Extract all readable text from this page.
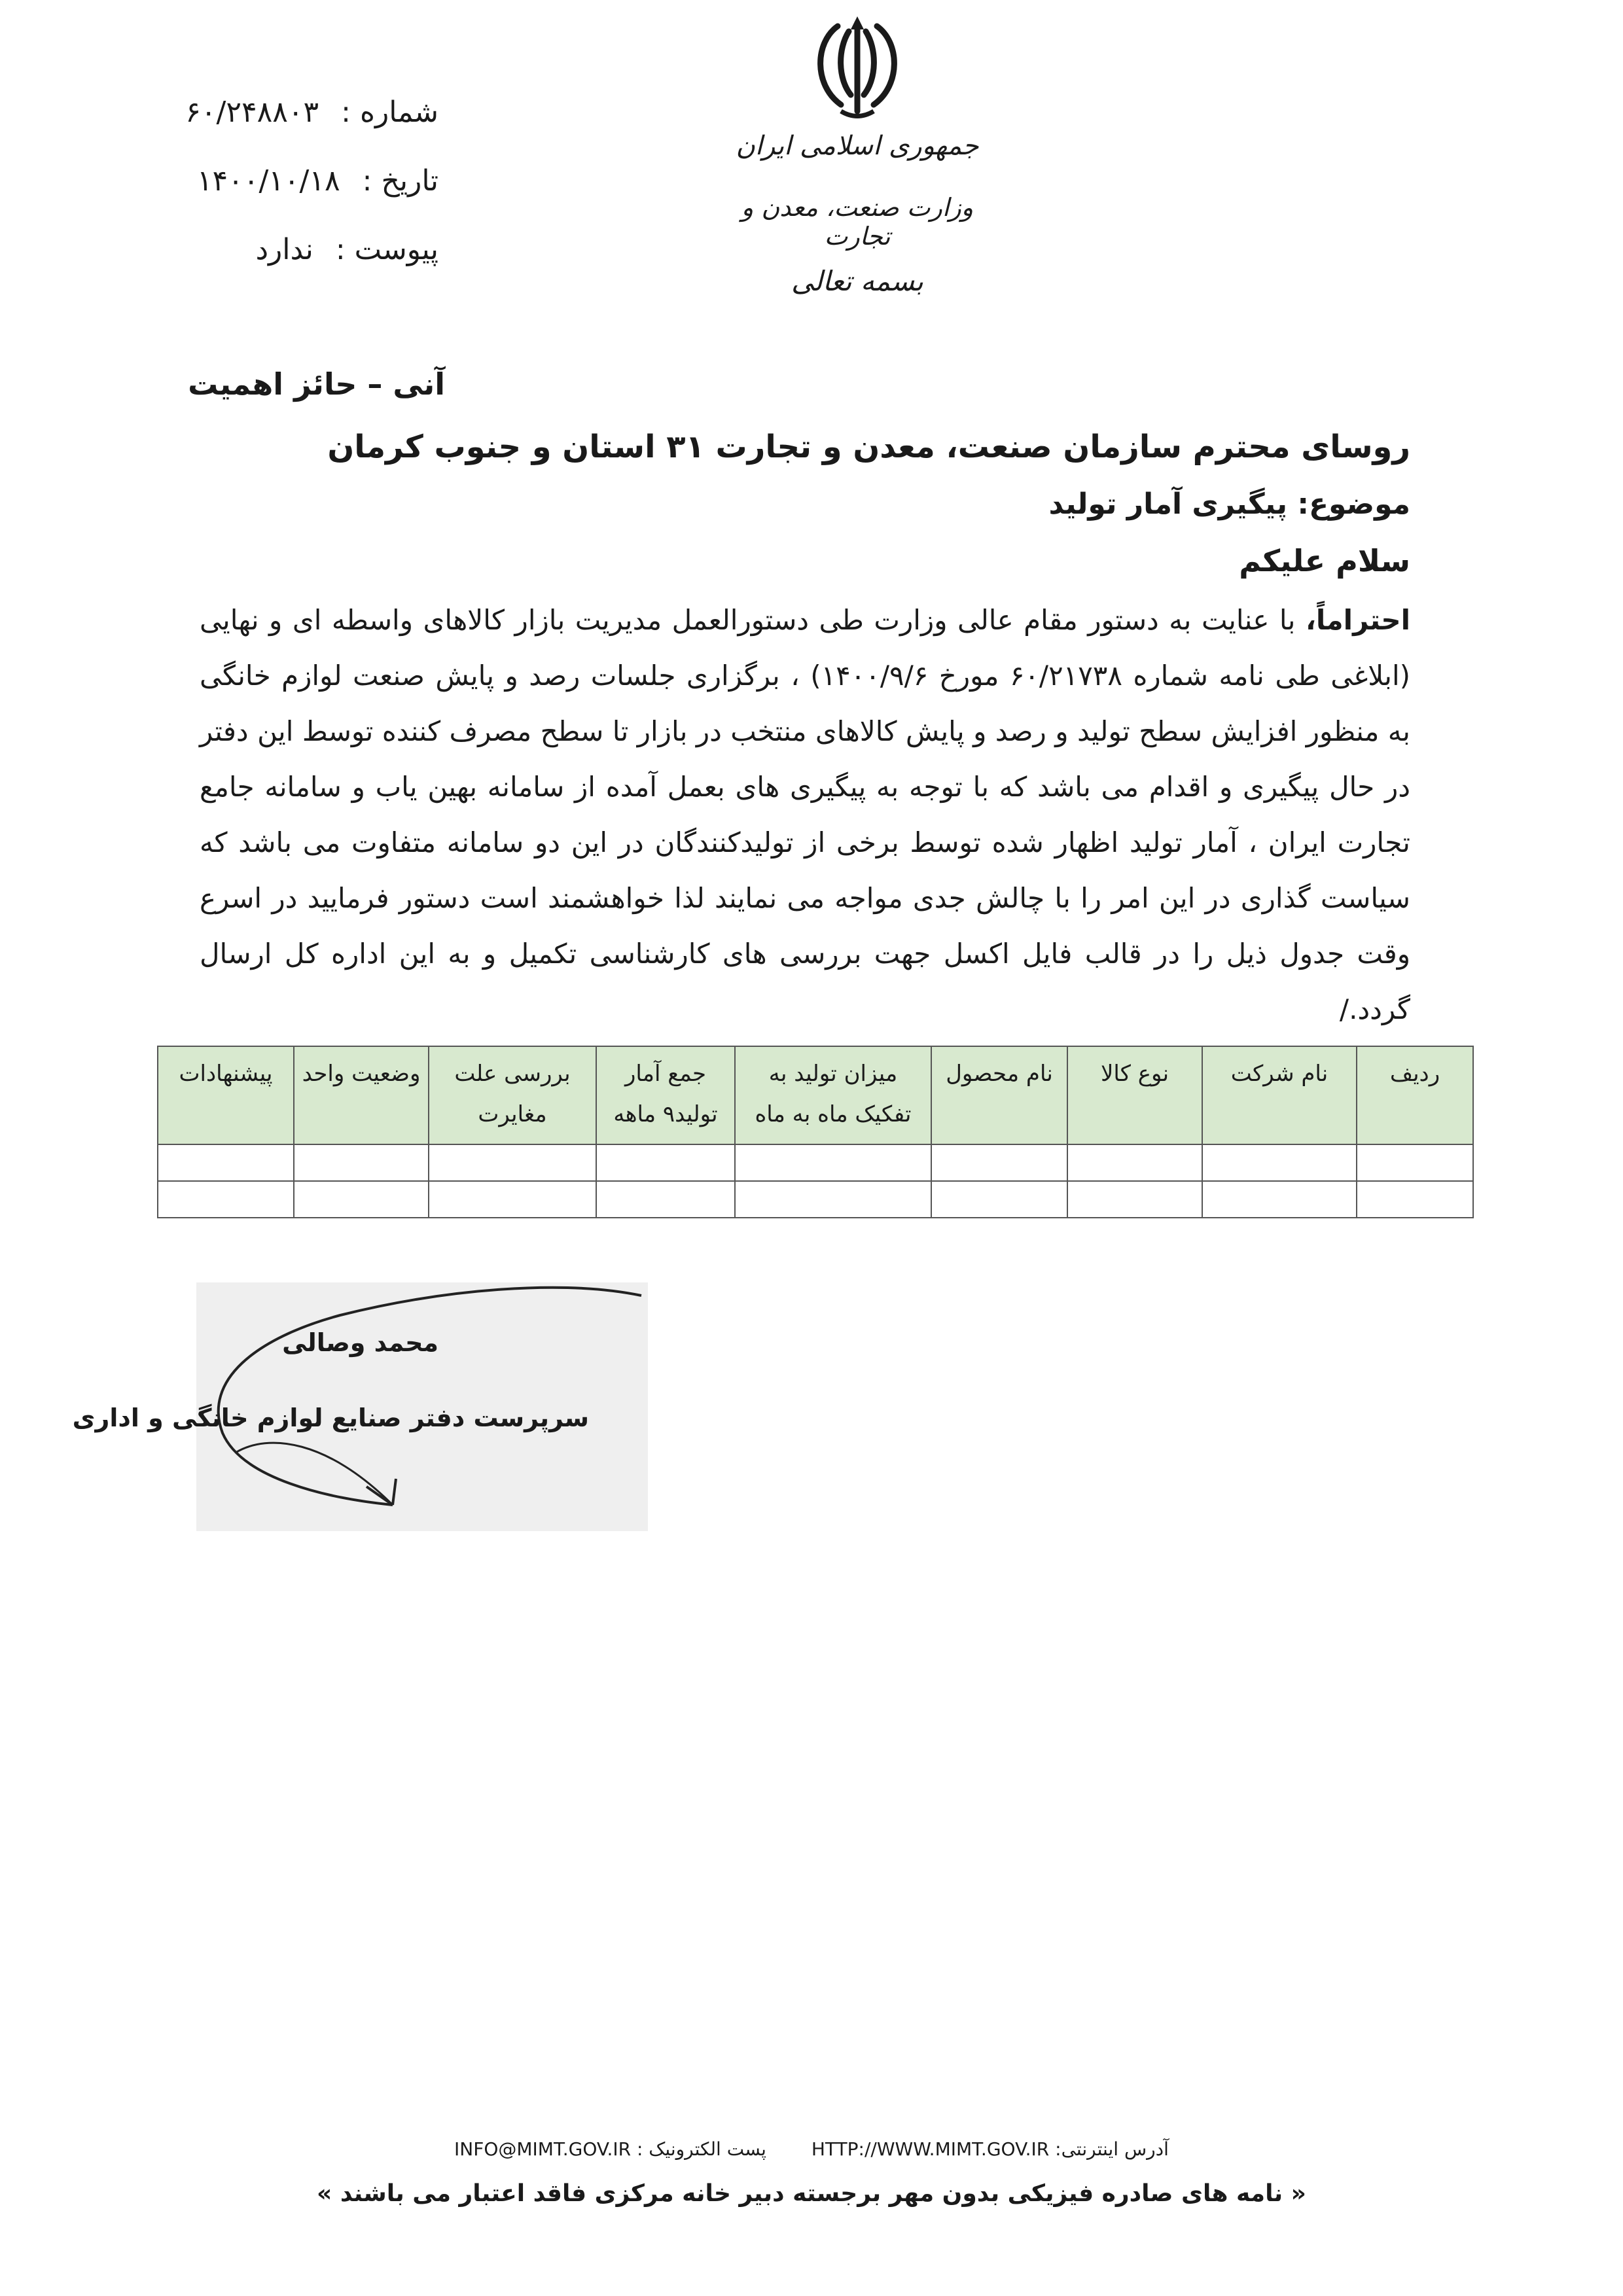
شماره : ۶۰/۲۴۸۸۰۳
تاریخ : ۱۴۰۰/۱۰/۱۸
پیوست : ندارد
جمهوری اسلامی ایران
وزارت صنعت، معدن و تجارت
بسمه تعالی
آنی – حائز اهمیت
روسای محترم سازمان صنعت، معدن و تجارت ۳۱ استان و جنوب کرمان
موضوع: پیگیری آمار تولید
سلام علیکم
احتراماً، با عنایت به دستور مقام عالی وزارت طی دستورالعمل مدیریت بازار کالاهای واسطه ای و نهایی (ابلاغی طی نامه شماره ۶۰/۲۱۷۳۸ مورخ ۱۴۰۰/۹/۶) ، برگزاری جلسات رصد و پایش صنعت لوازم خانگی به منظور افزایش سطح تولید و رصد و پایش کالاهای منتخب در بازار تا سطح مصرف کننده توسط این دفتر در حال پیگیری و اقدام می باشد که با توجه به پیگیری های بعمل آمده از سامانه بهین یاب و سامانه جامع تجارت ایران ، آمار تولید اظهار شده توسط برخی از تولیدکنندگان در این دو سامانه متفاوت می باشد که سیاست گذاری در این امر را با چالش جدی مواجه می نمایند لذا خواهشمند است دستور فرمایید در اسرع وقت جدول ذیل را در قالب فایل اکسل جهت بررسی های کارشناسی تکمیل و به این اداره کل ارسال گردد./
ردیف	نام شرکت	نوع کالا	نام محصول	میزان تولید به تفکیک ماه به ماه	جمع آمار تولید۹ ماهه	بررسی علت مغایرت	وضعیت واحد	پیشنهادات

محمد وصالی
سرپرست دفتر صنایع لوازم خانگی و اداری
INFO@MIMT.GOV.IR پست الکترونیک : HTTP://WWW.MIMT.GOV.IR آدرس اینترنتی:
« نامه های صادره فیزیکی بدون مهر برجسته دبیر خانه مرکزی فاقد اعتبار می باشند »
